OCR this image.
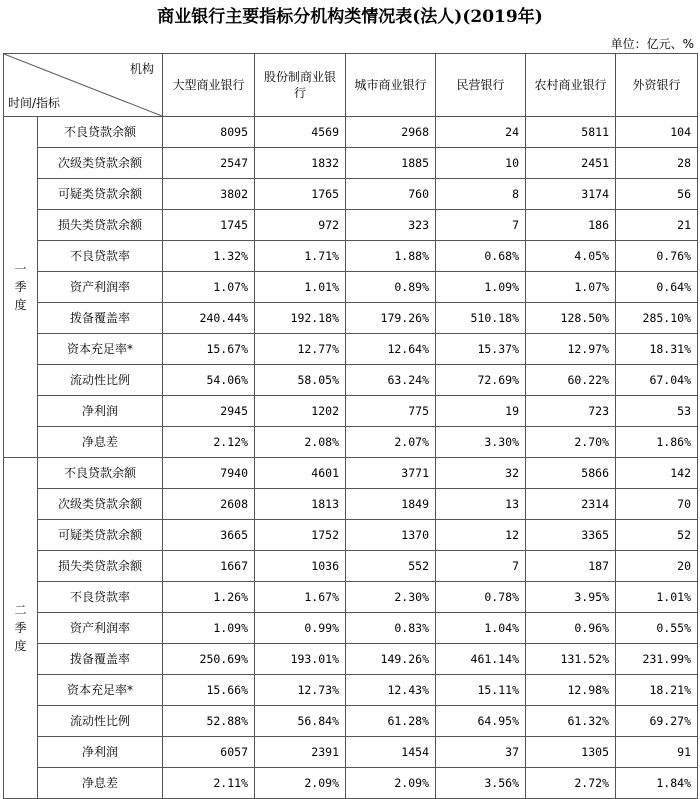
商业银行主要指标分机构类情况表(法人)(2019年)
单位：亿元、%
机构
时间/指标		大型商业银行	股份制商业银行	城市商业银行	民营银行	农村商业银行	外资银行

一
季
度	不良贷款余额	8095	4569	2968	24	5811	104
	次级类贷款余额	2547	1832	1885	10	2451	28
	可疑类贷款余额	3802	1765	760	8	3174	56
	损失类贷款余额	1745	972	323	7	186	21
	不良贷款率	1.32%	1.71%	1.88%	0.68%	4.05%	0.76%
	资产利润率	1.07%	1.01%	0.89%	1.09%	1.07%	0.64%
	拨备覆盖率	240.44%	192.18%	179.26%	510.18%	128.50%	285.10%
	资本充足率*	15.67%	12.77%	12.64%	15.37%	12.97%	18.31%
	流动性比例	54.06%	58.05%	63.24%	72.69%	60.22%	67.04%
	净利润	2945	1202	775	19	723	53
	净息差	2.12%	2.08%	2.07%	3.30%	2.70%	1.86%

二
季
度	不良贷款余额	7940	4601	3771	32	5866	142
	次级类贷款余额	2608	1813	1849	13	2314	70
	可疑类贷款余额	3665	1752	1370	12	3365	52
	损失类贷款余额	1667	1036	552	7	187	20
	不良贷款率	1.26%	1.67%	2.30%	0.78%	3.95%	1.01%
	资产利润率	1.09%	0.99%	0.83%	1.04%	0.96%	0.55%
	拨备覆盖率	250.69%	193.01%	149.26%	461.14%	131.52%	231.99%
	资本充足率*	15.66%	12.73%	12.43%	15.11%	12.98%	18.21%
	流动性比例	52.88%	56.84%	61.28%	64.95%	61.32%	69.27%
	净利润	6057	2391	1454	37	1305	91
	净息差	2.11%	2.09%	2.09%	3.56%	2.72%	1.84%
